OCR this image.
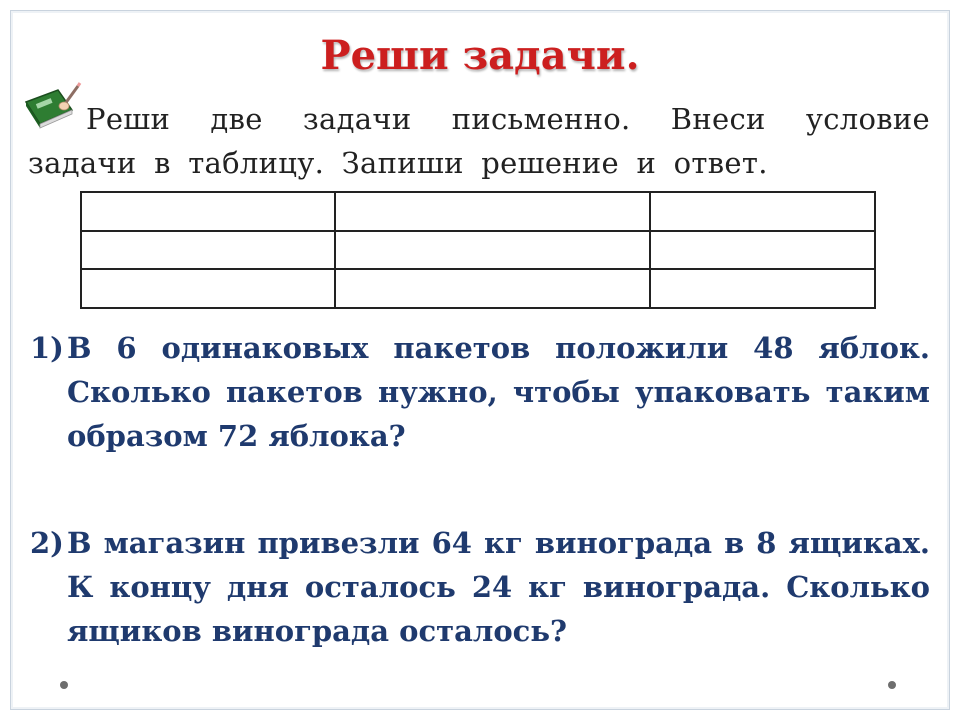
Реши задачи.

Реши две задачи письменно. Внеси условие задачи в таблицу. Запиши решение и ответ.

1) В 6 одинаковых пакетов положили 48 яблок. Сколько пакетов нужно, чтобы упаковать таким образом 72 яблока?

2) В магазин привезли 64 кг винограда в 8 ящиках. К концу дня осталось 24 кг винограда. Сколько ящиков винограда осталось?
